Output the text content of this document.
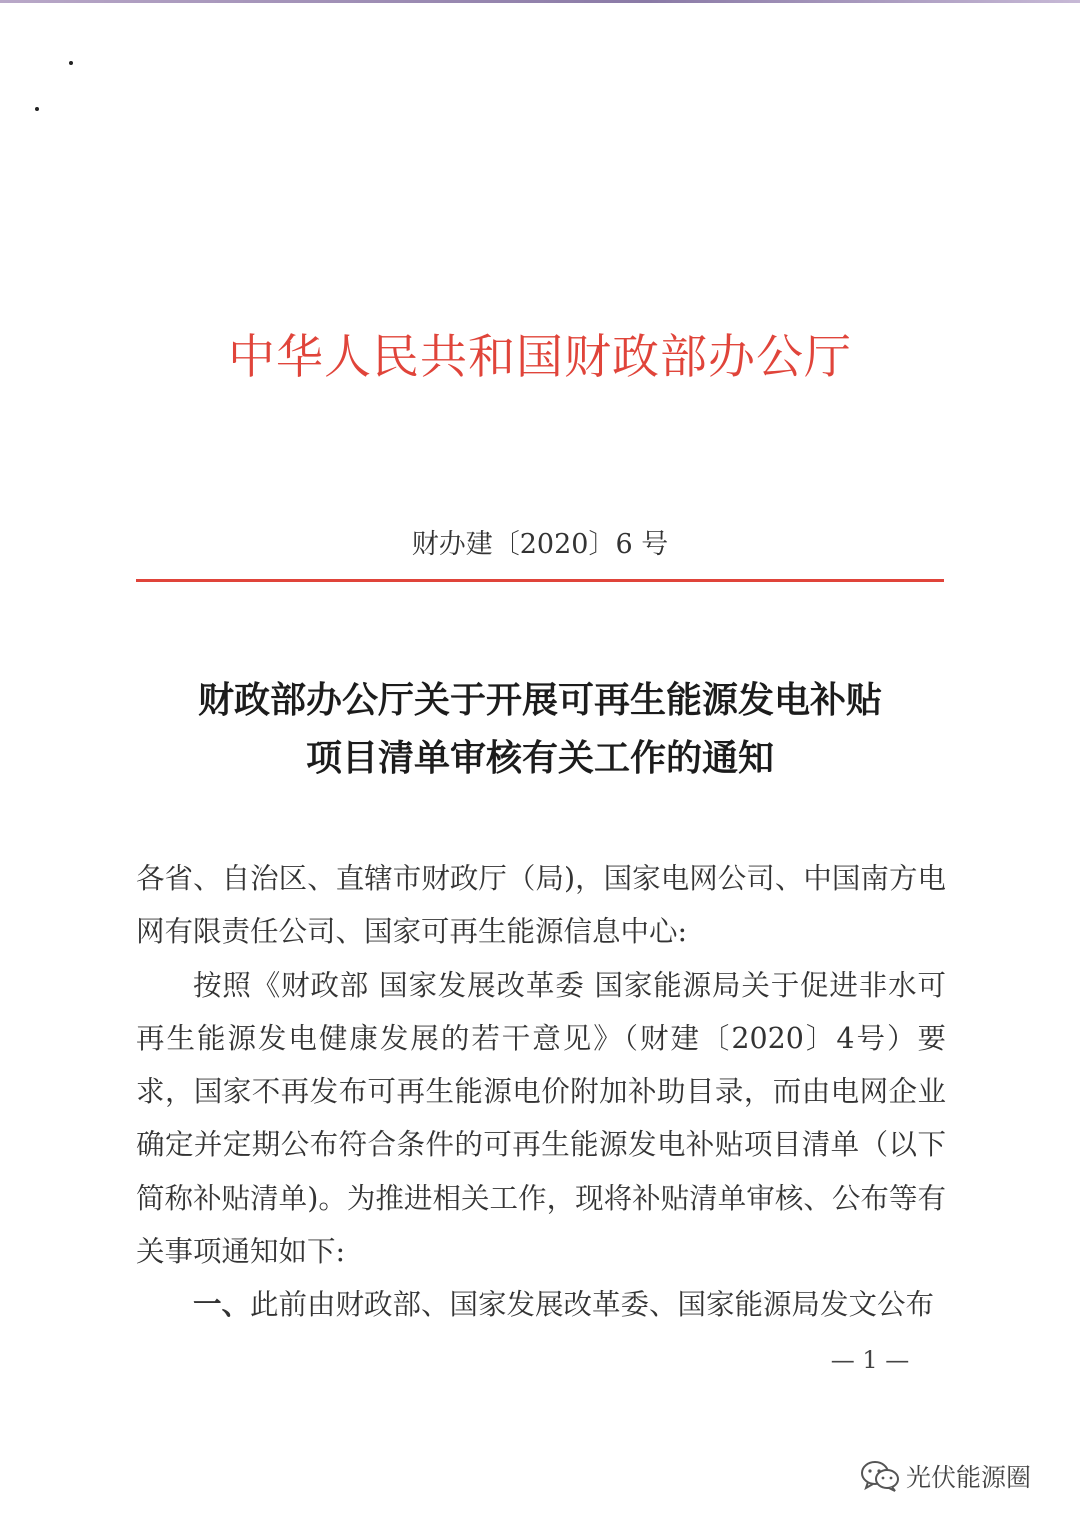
中华人民共和国财政部办公厅
财办建〔2020〕6 号
财政部办公厅关于开展可再生能源发电补贴
项目清单审核有关工作的通知

各省、自治区、直辖市财政厅（局)，国家电网公司、中国南方电网有限责任公司、国家可再生能源信息中心:

按照《财政部 国家发展改革委 国家能源局关于促进非水可再生能源发电健康发展的若干意见》（财建〔2020〕4号）要求，国家不再发布可再生能源电价附加补助目录，而由电网企业确定并定期公布符合条件的可再生能源发电补贴项目清单（以下简称补贴清单)。为推进相关工作，现将补贴清单审核、公布等有关事项通知如下:

一、此前由财政部、国家发展改革委、国家能源局发文公布

— 1 —
光伏能源圈
